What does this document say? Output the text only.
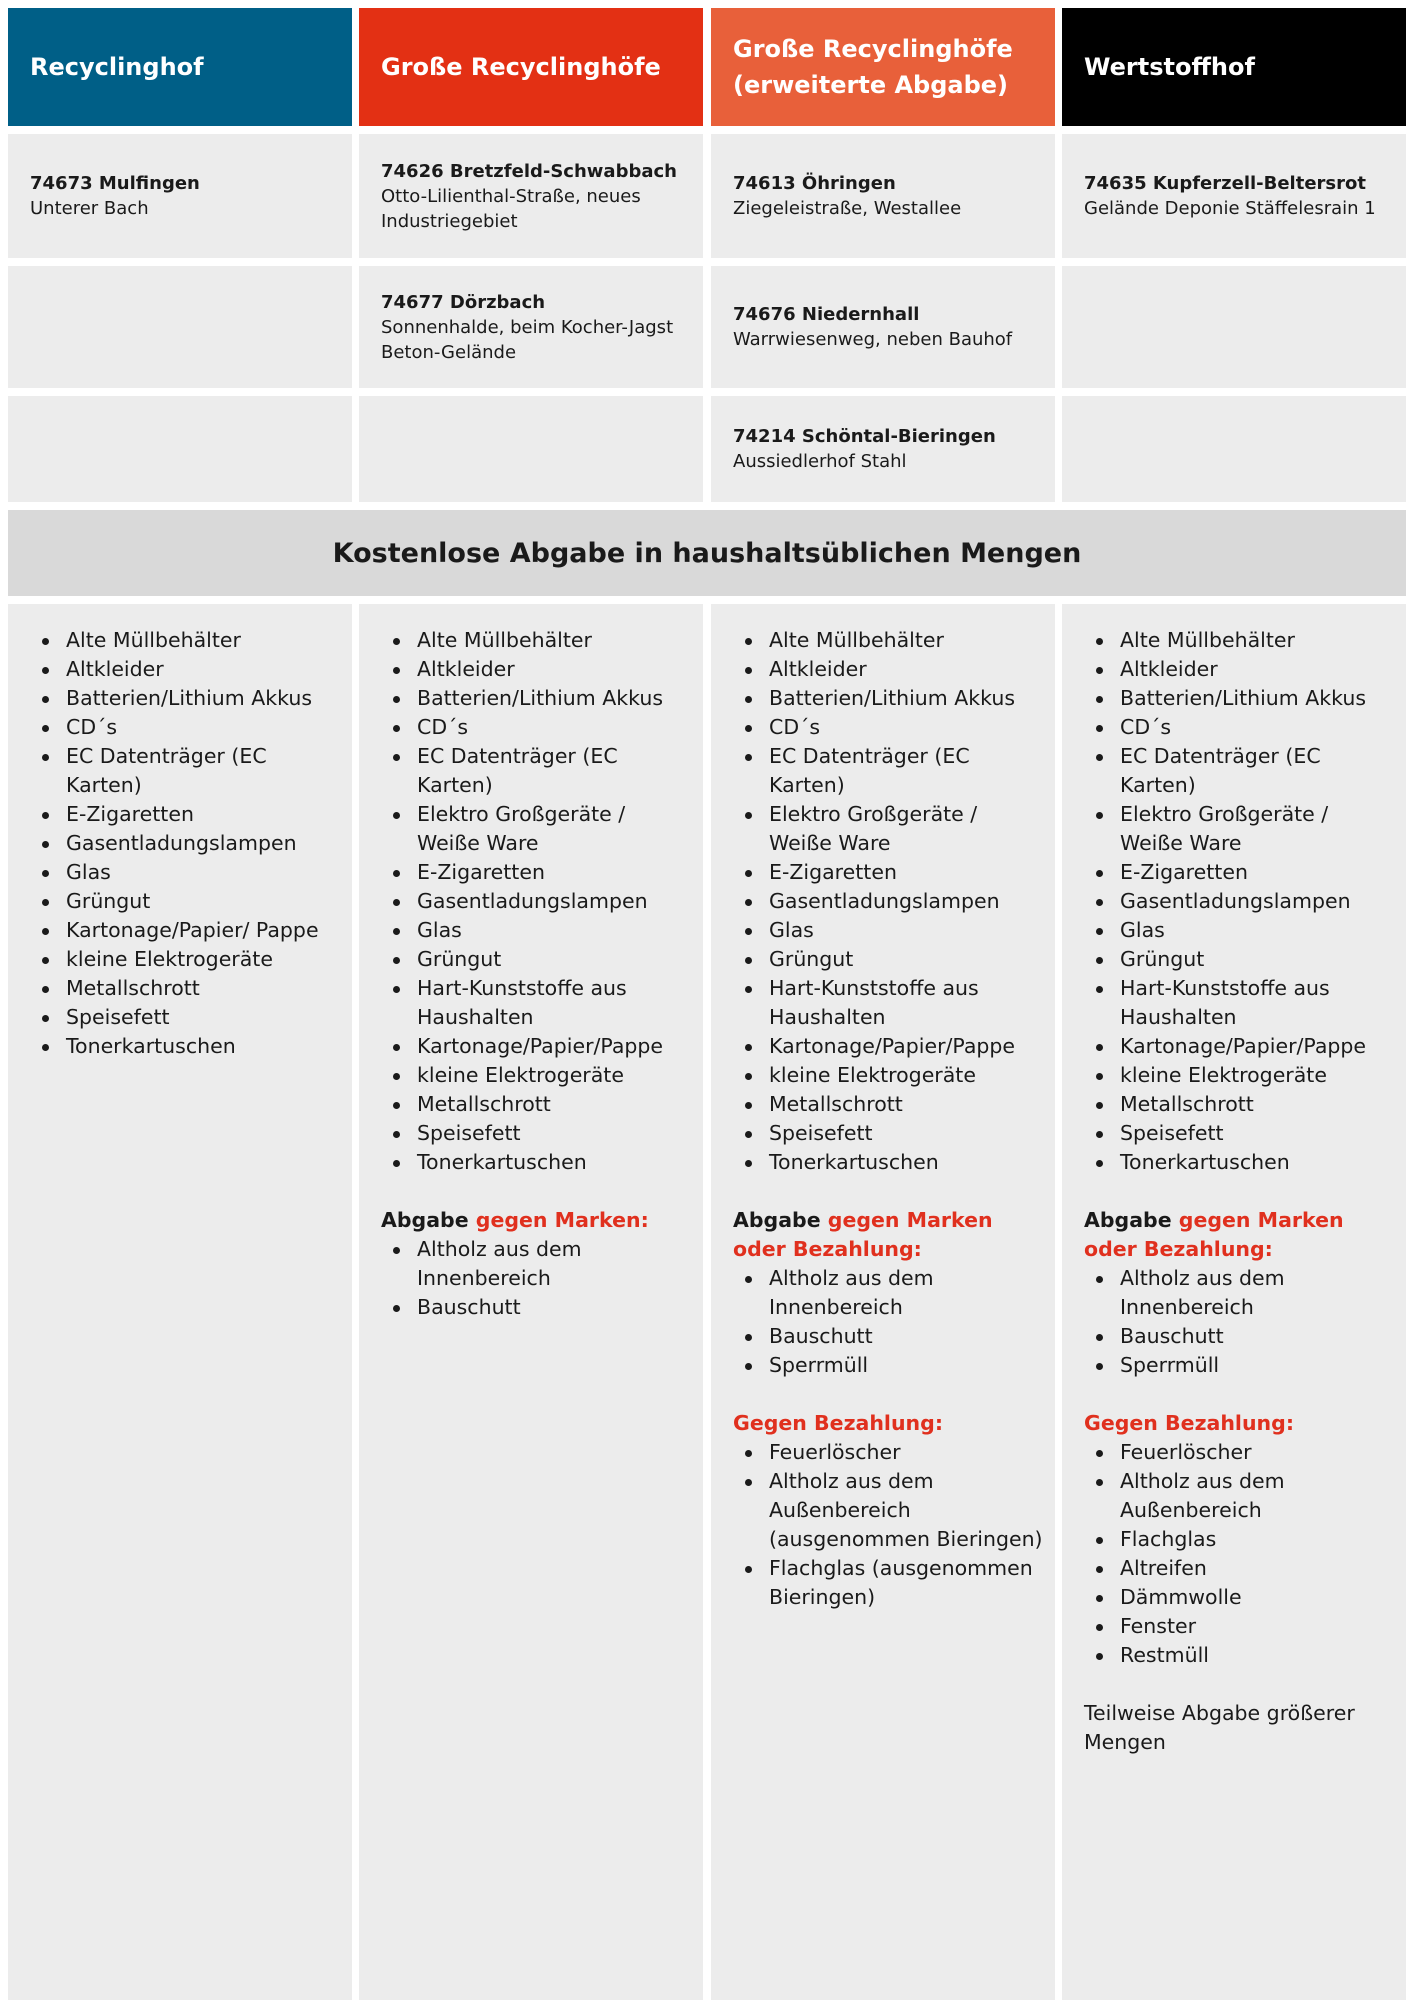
Recyclinghof	Große Recyclinghöfe
Große Recyclinghöfe (erweiterte Abgabe)
Wertstoffhof
74673 Mulfingen
Unterer Bach
74626 Bretzfeld-Schwabbach
Otto-Lilienthal-Straße, neues Industriegebiet
74613 Öhringen
Ziegeleistraße, Westallee
74635 Kupferzell-Beltersrot
Gelände Deponie Stäffelesrain 1
74677 Dörzbach
Sonnenhalde, beim Kocher-Jagst Beton-Gelände
74676 Niedernhall
Warrwiesenweg, neben Bauhof
74214 Schöntal-Bieringen
Aussiedlerhof Stahl
Kostenlose Abgabe in haushaltsüblichen Mengen
Alte Müllbehälter
Altkleider
Batterien/Lithium Akkus
CD´s
EC Datenträger (EC Karten)
E-Zigaretten
Gasentladungslampen
Glas
Grüngut
Kartonage/Papier/ Pappe
kleine Elektrogeräte
Metallschrott
Speisefett
Tonerkartuschen
Alte Müllbehälter
Altkleider
Batterien/Lithium Akkus
CD´s
EC Datenträger (EC Karten)
Elektro Großgeräte / Weiße Ware
E-Zigaretten
Gasentladungslampen
Glas
Grüngut
Hart-Kunststoffe aus Haushalten
Kartonage/Papier/Pappe
kleine Elektrogeräte
Metallschrott
Speisefett
Tonerkartuschen
Abgabe gegen Marken:
Altholz aus dem Innenbereich
Bauschutt
Alte Müllbehälter
Altkleider
Batterien/Lithium Akkus
CD´s
EC Datenträger (EC Karten)
Elektro Großgeräte / Weiße Ware
E-Zigaretten
Gasentladungslampen
Glas
Grüngut
Hart-Kunststoffe aus Haushalten
Kartonage/Papier/Pappe
kleine Elektrogeräte
Metallschrott
Speisefett
Tonerkartuschen
Abgabe gegen Marken oder Bezahlung:
Altholz aus dem Innenbereich
Bauschutt
Sperrmüll
Gegen Bezahlung:
Feuerlöscher
Altholz aus dem Außenbereich (ausgenommen Bieringen)
Flachglas (ausgenommen Bieringen)
Alte Müllbehälter
Altkleider
Batterien/Lithium Akkus
CD´s
EC Datenträger (EC Karten)
Elektro Großgeräte / Weiße Ware
E-Zigaretten
Gasentladungslampen
Glas
Grüngut
Hart-Kunststoffe aus Haushalten
Kartonage/Papier/Pappe
kleine Elektrogeräte
Metallschrott
Speisefett
Tonerkartuschen
Abgabe gegen Marken oder Bezahlung:
Altholz aus dem Innenbereich
Bauschutt
Sperrmüll
Gegen Bezahlung:
Feuerlöscher
Altholz aus dem Außenbereich
Flachglas
Altreifen
Dämmwolle
Fenster
Restmüll
Teilweise Abgabe größerer Mengen
